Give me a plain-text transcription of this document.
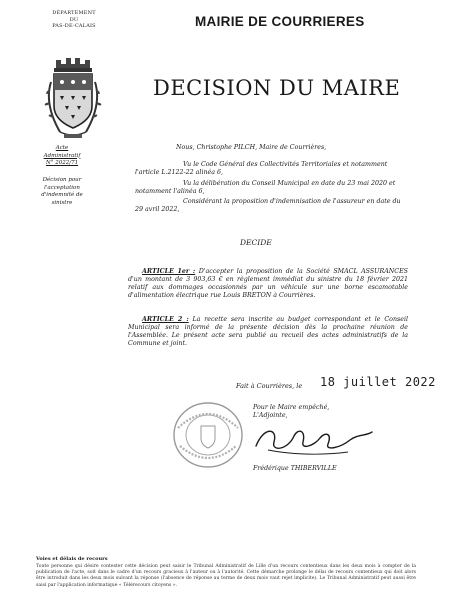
DÉPARTEMENT
DU
PAS-DE-CALAIS	MAIRIE DE COURRIERES
DECISION DU MAIRE
Acte
Administratif
N° 2022/71
Décision pour
l'acceptation
d'indemnité de sinistre
Nous, Christophe PILCH, Maire de Courrières,
Vu le Code Général des Collectivités Territoriales et notamment l'article L.2122-22 alinéa 6,
Vu la délibération du Conseil Municipal en date du 23 mai 2020 et notamment l'alinéa 6,
Considérant la proposition d'indemnisation de l'assureur en date du 29 avril 2022,
DECIDE
ARTICLE 1er : D'accepter la proposition de la Société SMACL ASSURANCES d'un montant de 3 903,63 € en règlement immédiat du sinistre du 18 février 2021 relatif aux dommages occasionnés par un véhicule sur une borne escamotable d'alimentation électrique rue Louis BRETON à Courrières.
ARTICLE 2 : La recette sera inscrite au budget correspondant et le Conseil Municipal sera informé de la présente décision dès la prochaine réunion de l'Assemblée. Le présent acte sera publié au recueil des actes administratifs de la Commune et joint.
Fait à Courrières, le 18 juillet 2022
Pour le Maire empêché,
L'Adjointe,
Frédérique THIBERVILLE
Voies et délais de recours
Toute personne qui désire contester cette décision peut saisir le Tribunal Administratif de Lille d'un recours contentieux dans les deux mois à compter de la publication de l'acte, soit dans le cadre d'un recours gracieux à l'auteur ou à l'autorité. Cette démarche prolonge le délai de recours contentieux qui doit alors être introduit dans les deux mois suivant la réponse (l'absence de réponse au terme de deux mois vaut rejet implicite). Le Tribunal Administratif peut aussi être saisi par l'application informatique « Télérecours citoyens ».
